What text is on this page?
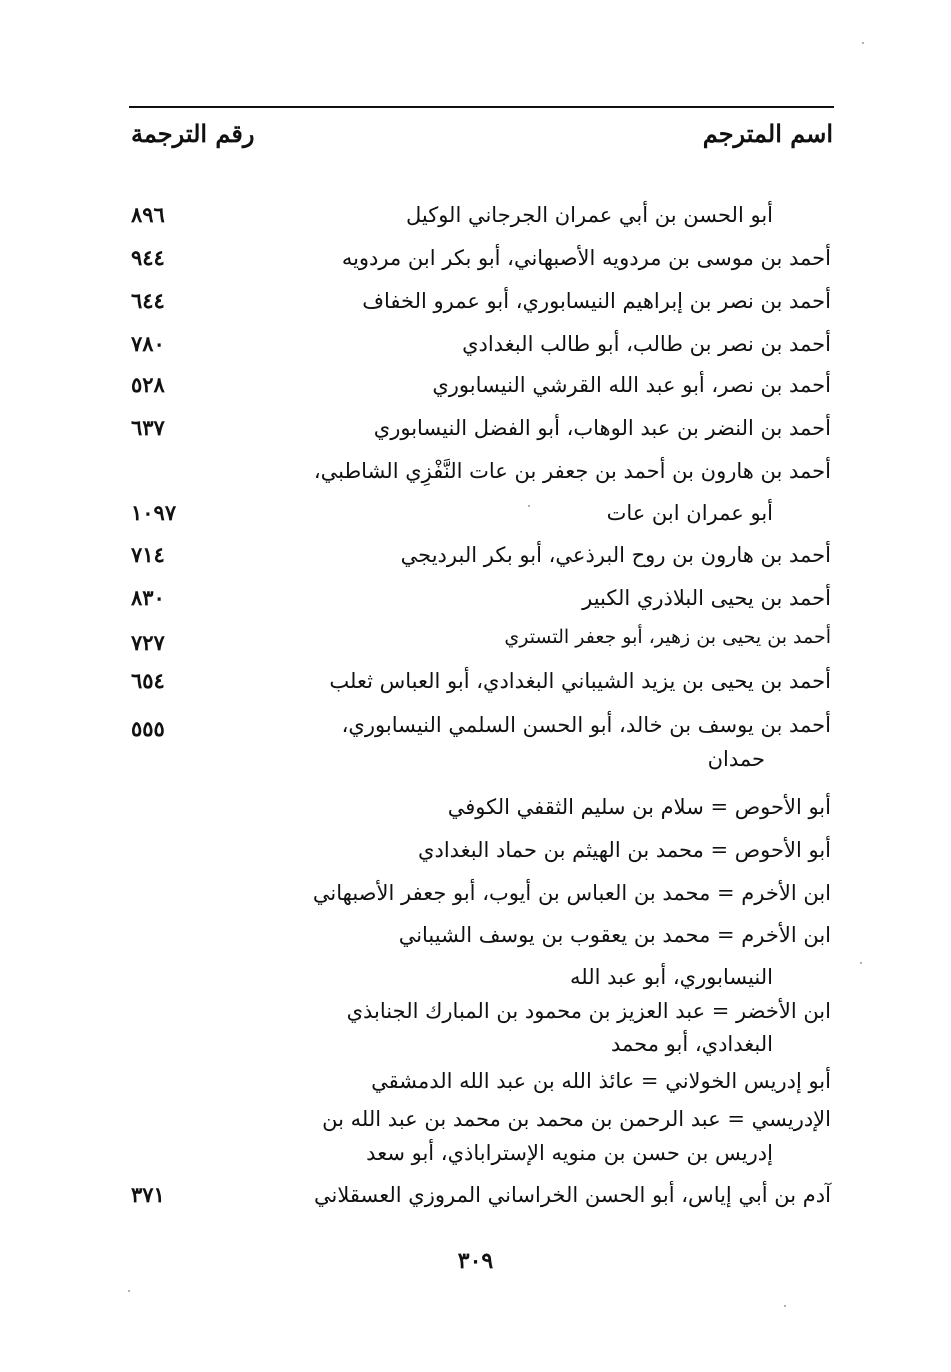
اسم المترجم
رقم الترجمة
أبو الحسن بن أبي عمران الجرجاني الوكيل
٨٩٦
أحمد بن موسى بن مردويه الأصبهاني، أبو بكر ابن مردويه
٩٤٤
أحمد بن نصر بن إبراهيم النيسابوري، أبو عمرو الخفاف
٦٤٤
أحمد بن نصر بن طالب، أبو طالب البغدادي
٧٨٠
أحمد بن نصر، أبو عبد الله القرشي النيسابوري
٥٢٨
أحمد بن النضر بن عبد الوهاب، أبو الفضل النيسابوري
٦٣٧
أحمد بن هارون بن أحمد بن جعفر بن عات النَّفْزِي الشاطبي،
أبو عمران ابن عات
١٠٩٧
أحمد بن هارون بن روح البرذعي، أبو بكر البرديجي
٧١٤
أحمد بن يحيى البلاذري الكبير
٨٣٠
أحمد بن يحيى بن زهير، أبو جعفر التستري
٧٢٧
أحمد بن يحيى بن يزيد الشيباني البغدادي، أبو العباس ثعلب
٦٥٤
أحمد بن يوسف بن خالد، أبو الحسن السلمي النيسابوري،
حمدان
٥٥٥
أبو الأحوص = سلام بن سليم الثقفي الكوفي
أبو الأحوص = محمد بن الهيثم بن حماد البغدادي
ابن الأخرم = محمد بن العباس بن أيوب، أبو جعفر الأصبهاني
ابن الأخرم = محمد بن يعقوب بن يوسف الشيباني
النيسابوري، أبو عبد الله
ابن الأخضر = عبد العزيز بن محمود بن المبارك الجنابذي
البغدادي، أبو محمد
أبو إدريس الخولاني = عائذ الله بن عبد الله الدمشقي
الإدريسي = عبد الرحمن بن محمد بن محمد بن عبد الله بن
إدريس بن حسن بن منويه الإستراباذي، أبو سعد
آدم بن أبي إياس، أبو الحسن الخراساني المروزي العسقلاني
٣٧١
٣٠٩
